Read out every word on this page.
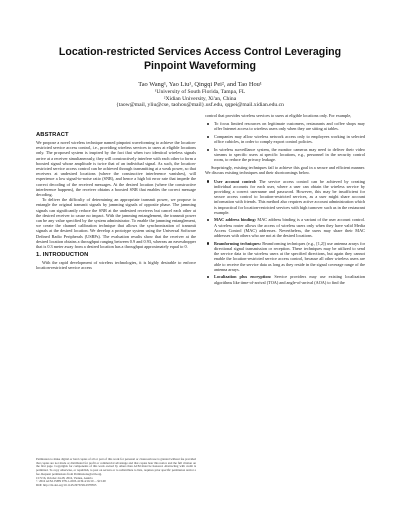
Location-restricted Services Access Control Leveraging
Pinpoint Waveforming
Tao Wang¹, Yao Liu¹, Qingqi Pei², and Tao Hou¹
¹University of South Florida, Tampa, FL
²Xidian University, Xi'an, China
{taow@mail, yliu@cse, taohou@mail}.usf.edu, qqpei@mail.xidian.edu.cn
ABSTRACT

We propose a novel wireless technique named pinpoint waveforming to achieve the location-restricted service access control, i.e., providing wireless services to users at eligible locations only. The proposed system is inspired by the fact that when two identical wireless signals arrive at a receiver simultaneously, they will constructively interfere with each other to form a boosted signal whose amplitude is twice that of an individual signal. As such, the location-restricted service access control can be achieved through transmitting at a weak power, so that receivers at undesired locations (where the constructive interference vanishes), will experience a low signal-to-noise ratio (SNR), and hence a high bit error rate that impede the correct decoding of the received messages. At the desired location (where the constructive interference happens), the receiver obtains a boosted SNR that enables the correct message decoding.

To deliver the difficulty of determining an appropriate transmit power, we propose to entangle the original transmit signals by jamming signals of opposite phase. The jamming signals can significantly reduce the SNR at the undesired receivers but cancel each other at the desired receiver to cause no impact. With the jamming entanglement, the transmit power can be any value specified by the system administrator. To enable the jamming entanglement, we create the channel calibration technique that allows the synchronization of transmit signals at the desired location. We develop a prototype system using the Universal Software Defined Radio Peripherals (USRPs). The evaluation results show that the receiver at the desired location obtains a throughput ranging between 0.9 and 0.93, whereas an eavesdropper that is 0.3 meter away from a desired location has a throughput approximately equal to 0.

1. INTRODUCTION

With the rapid development of wireless technologies, it is highly desirable to enforce location-restricted service access

Permission to make digital or hard copies of all or part of this work for personal or classroom use is granted without fee provided that copies are not made or distributed for profit or commercial advantage and that copies bear this notice and the full citation on the first page. Copyrights for components of this work owned by others than ACM must be honored. Abstracting with credit is permitted. To copy otherwise, or republish, to post on servers or to redistribute to lists, requires prior specific permission and/or a fee. Request permissions from Permissions@acm.org.

CCS'16, October 24-28, 2016, Vienna, Austria

© 2016 ACM. ISBN 978-1-4503-4139-4/16/10 ... $15.00

DOI: http://dx.doi.org/10.1145/2976749.2978395

control that provides wireless services to users at eligible locations only. For example,

To focus limited resources on legitimate customers, restaurants and coffee shops may offer Internet access to wireless users only when they are sitting at tables.
Companies may allow wireless network access only to employees working in selected office cubicles, in order to comply export control policies.
In wireless surveillance system, the monitor cameras may need to deliver their video streams to specific users at specific locations, e.g., personnel in the security control room, to reduce the privacy leakage.

Surprisingly, existing techniques fail to achieve this goal in a secure and efficient manner. We discuss existing techniques and their shortcomings below.

User account control: The service access control can be achieved by creating individual accounts for each user, where a user can obtain the wireless service by providing a correct username and password. However, this may be insufficient for secure access control to location-restricted services, as a user might share account information with friends. This method also requires active account administration which is impractical for location-restricted services with high turnover such as in the restaurant example.
MAC address binding: MAC address binding is a variant of the user account control. A wireless router allows the access of wireless users only when they have valid Media Access Control (MAC) addresses. Nevertheless, the users may share their MAC addresses with others who are not at the desired locations.
Beamforming techniques: Beamforming techniques (e.g., [1,2]) use antenna arrays for directional signal transmission or reception. These techniques may be utilized to send the service data to the wireless users at the specified directions, but again they cannot enable the location-restricted service access control, because all other wireless users are able to receive the service data as long as they reside in the signal coverage range of the antenna arrays.
Localization plus encryption: Service providers may use existing localization algorithms like time-of-arrival (TOA) and angle-of-arrival (AOA) to find the
